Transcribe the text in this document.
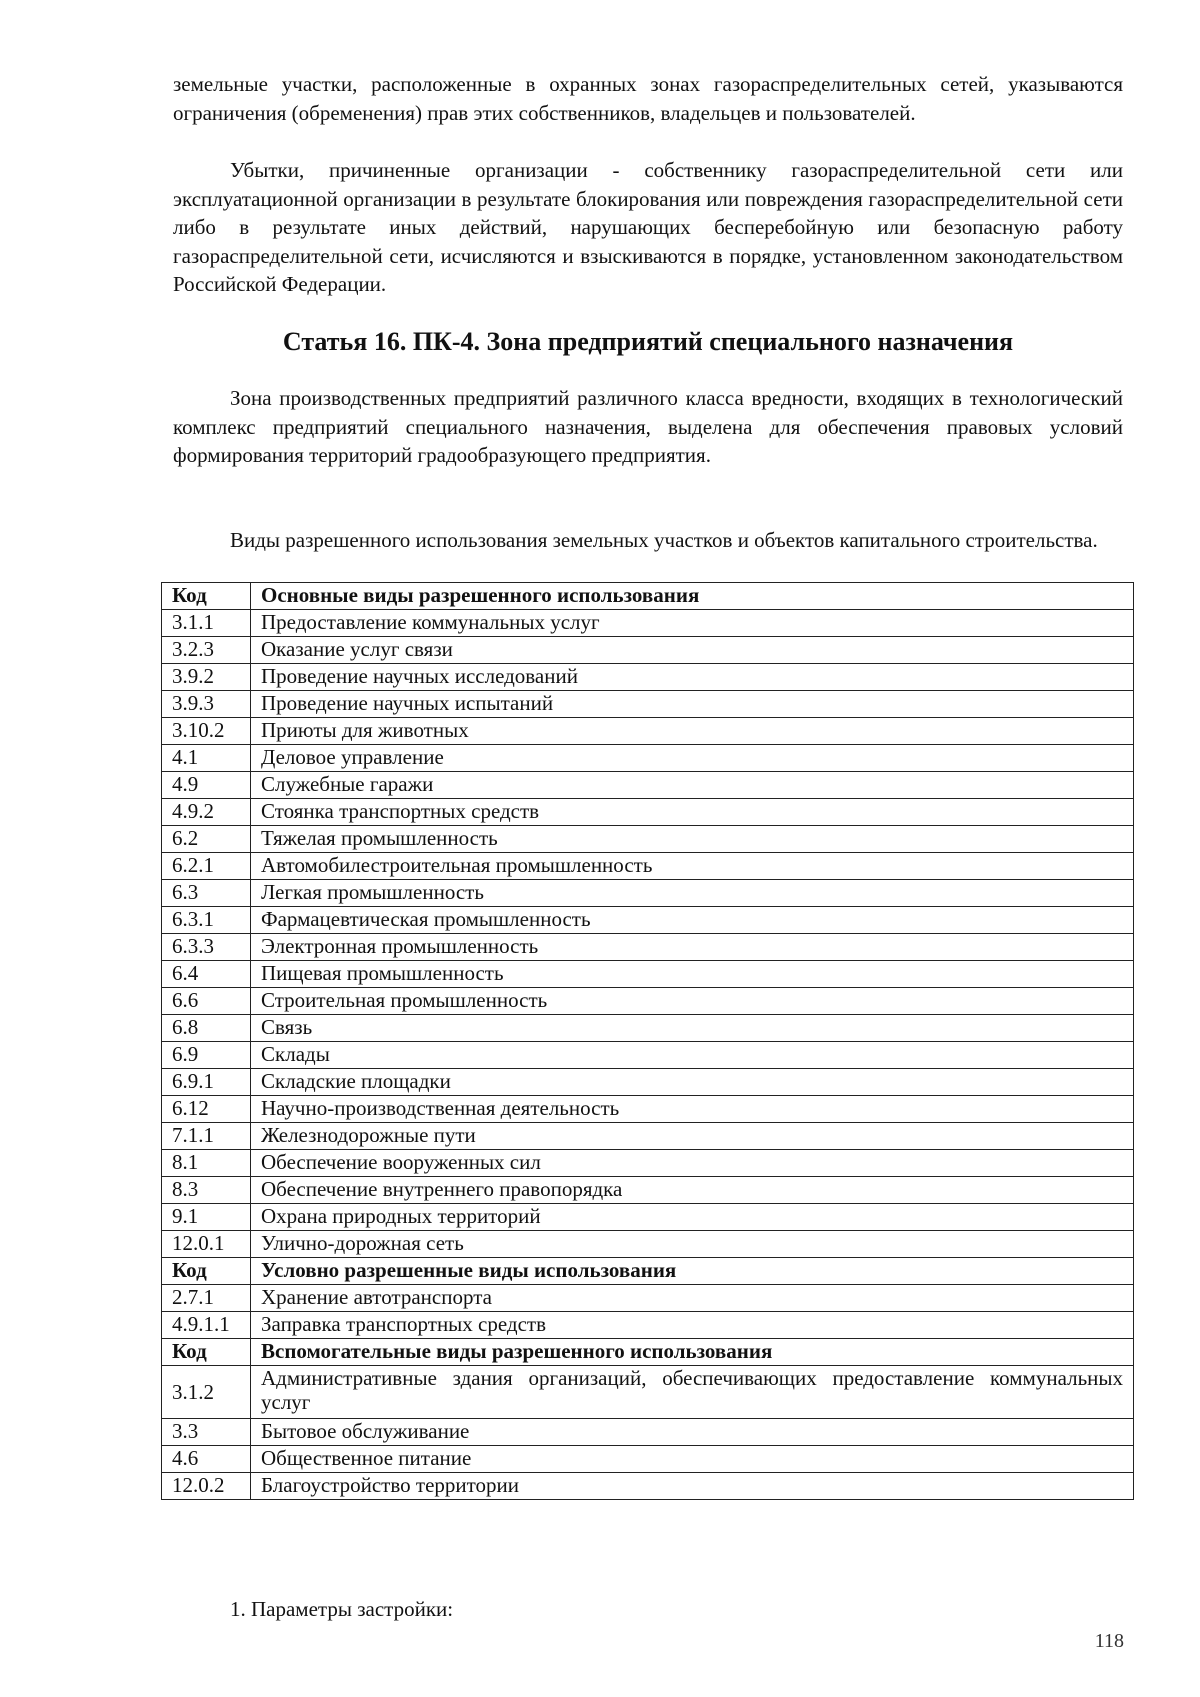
земельные участки, расположенные в охранных зонах газораспределительных сетей, указываются ограничения (обременения) прав этих собственников, владельцев и пользователей.

Убытки, причиненные организации - собственнику газораспределительной сети или эксплуатационной организации в результате блокирования или повреждения газораспределительной сети либо в результате иных действий, нарушающих бесперебойную или безопасную работу газораспределительной сети, исчисляются и взыскиваются в порядке, установленном законодательством Российской Федерации.

Статья 16. ПК-4. Зона предприятий специального назначения

Зона производственных предприятий различного класса вредности, входящих в технологический комплекс предприятий специального назначения, выделена для обеспечения правовых условий формирования территорий градообразующего предприятия.

Виды разрешенного использования земельных участков и объектов капитального строительства.

Код	Основные виды разрешенного использования
3.1.1	Предоставление коммунальных услуг
3.2.3	Оказание услуг связи
3.9.2	Проведение научных исследований
3.9.3	Проведение научных испытаний
3.10.2	Приюты для животных
4.1	Деловое управление
4.9	Служебные гаражи
4.9.2	Стоянка транспортных средств
6.2	Тяжелая промышленность
6.2.1	Автомобилестроительная промышленность
6.3	Легкая промышленность
6.3.1	Фармацевтическая промышленность
6.3.3	Электронная промышленность
6.4	Пищевая промышленность
6.6	Строительная промышленность
6.8	Связь
6.9	Склады
6.9.1	Складские площадки
6.12	Научно-производственная деятельность
7.1.1	Железнодорожные пути
8.1	Обеспечение вооруженных сил
8.3	Обеспечение внутреннего правопорядка
9.1	Охрана природных территорий
12.0.1	Улично-дорожная сеть
Код	Условно разрешенные виды использования
2.7.1	Хранение автотранспорта
4.9.1.1	Заправка транспортных средств
Код	Вспомогательные виды разрешенного использования
3.1.2	Административные здания организаций, обеспечивающих предоставление коммунальных услуг
3.3	Бытовое обслуживание
4.6	Общественное питание
12.0.2	Благоустройство территории

1. Параметры застройки:

118
